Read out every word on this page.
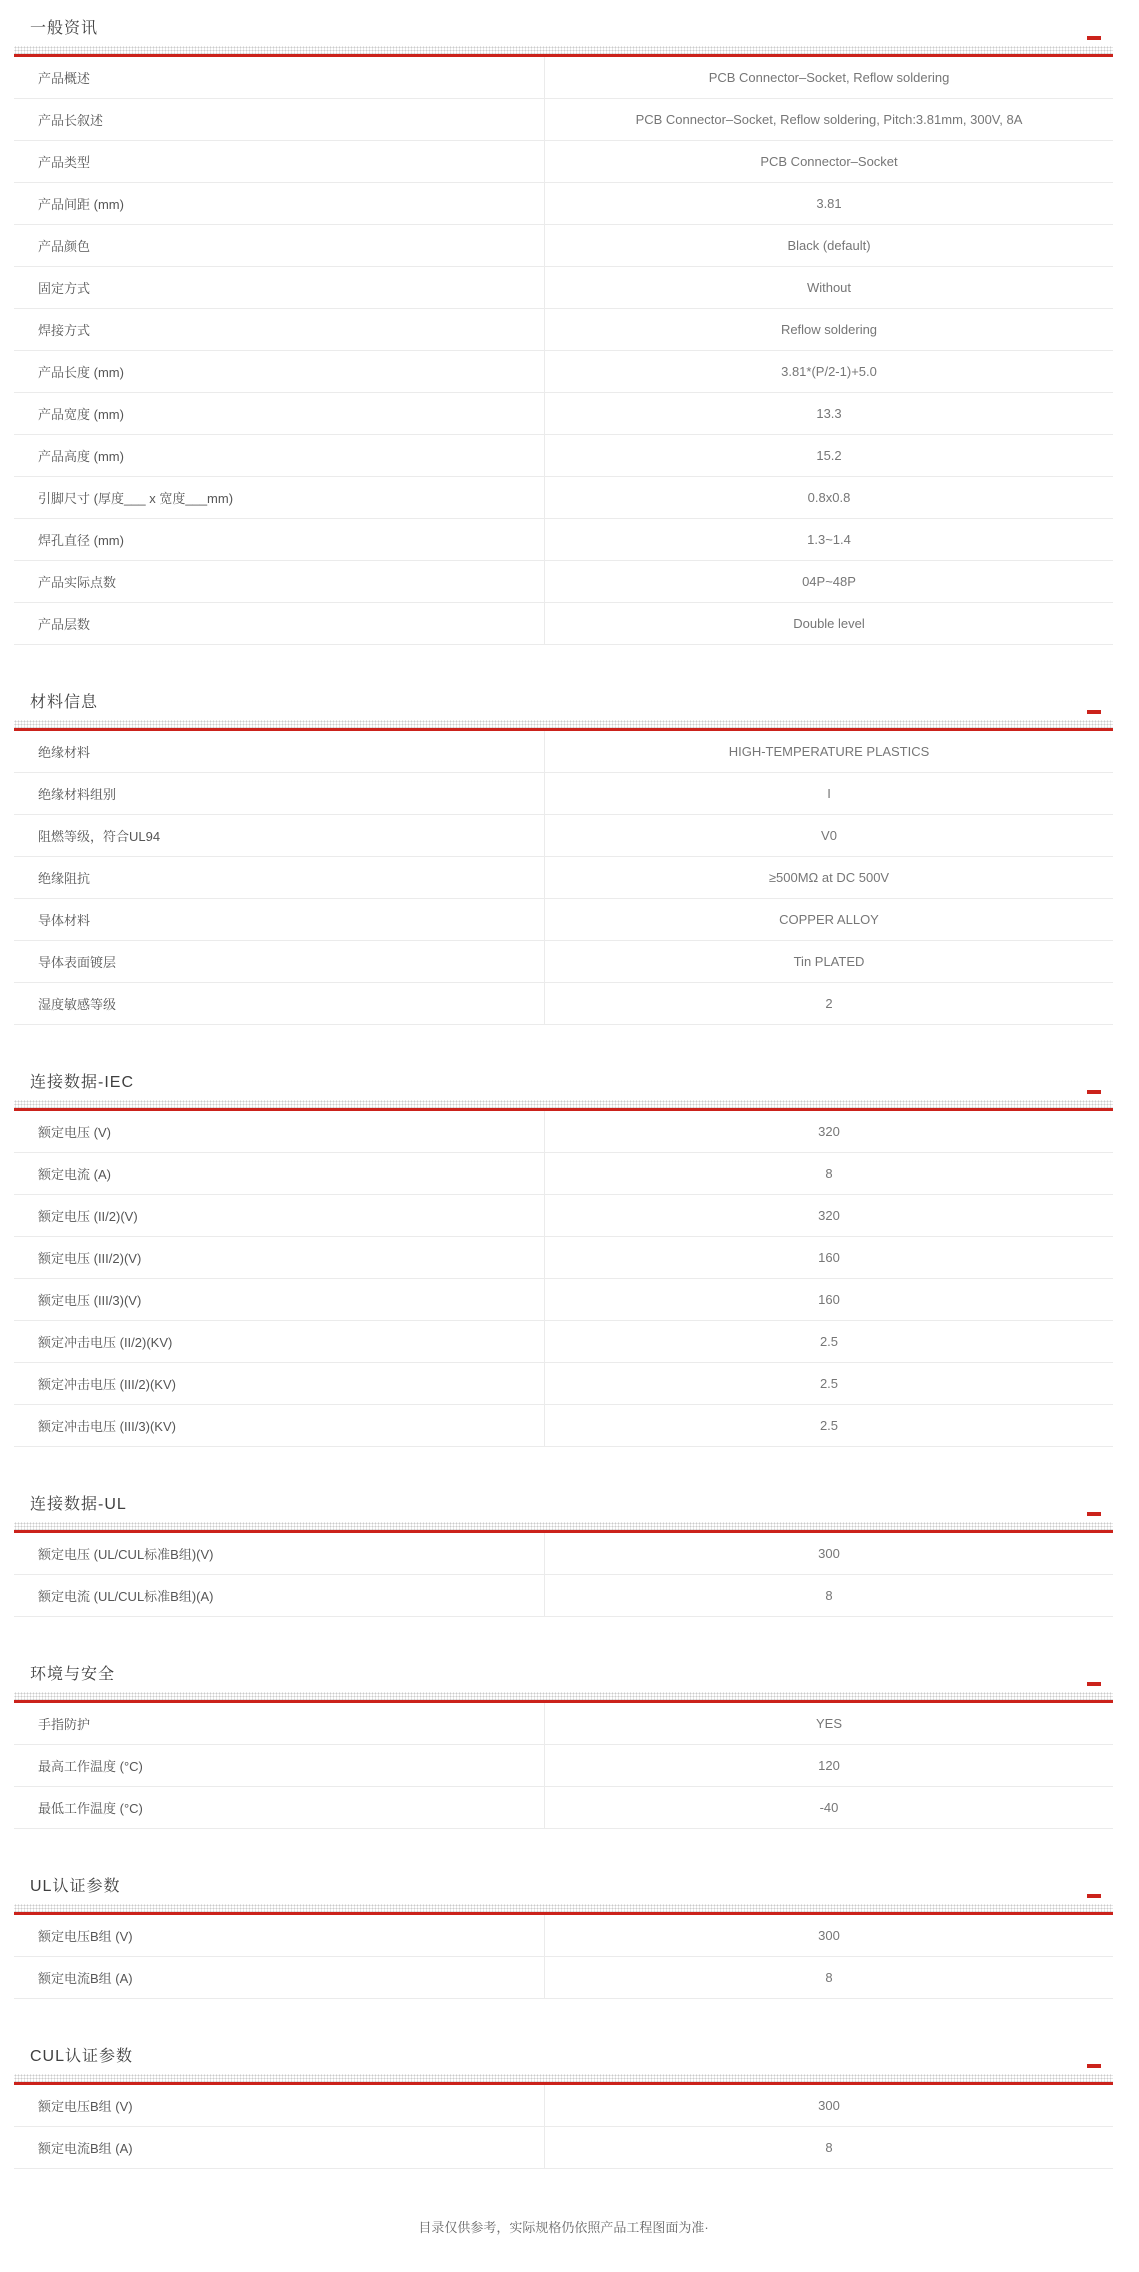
一般资讯
产品概述	PCB Connector–Socket, Reflow soldering
产品长叙述	PCB Connector–Socket, Reflow soldering, Pitch:3.81mm, 300V, 8A
产品类型	PCB Connector–Socket
产品间距 (mm)	3.81
产品颜色	Black (default)
固定方式	Without
焊接方式	Reflow soldering
产品长度 (mm)	3.81*(P/2-1)+5.0
产品宽度 (mm)	13.3
产品高度 (mm)	15.2
引脚尺寸 (厚度___ x 宽度___mm)	0.8x0.8
焊孔直径 (mm)	1.3~1.4
产品实际点数	04P~48P
产品层数	Double level
材料信息
绝缘材料	HIGH-TEMPERATURE PLASTICS
绝缘材料组别	I
阻燃等级，符合UL94	V0
绝缘阻抗	≥500MΩ at DC 500V
导体材料	COPPER ALLOY
导体表面镀层	Tin PLATED
湿度敏感等级	2
连接数据-IEC
额定电压 (V)	320
额定电流 (A)	8
额定电压 (II/2)(V)	320
额定电压 (III/2)(V)	160
额定电压 (III/3)(V)	160
额定冲击电压 (II/2)(KV)	2.5
额定冲击电压 (III/2)(KV)	2.5
额定冲击电压 (III/3)(KV)	2.5
连接数据-UL
额定电压 (UL/CUL标准B组)(V)	300
额定电流 (UL/CUL标准B组)(A)	8
环境与安全
手指防护	YES
最高工作温度 (°C)	120
最低工作温度 (°C)	-40
UL认证参数
额定电压B组 (V)	300
额定电流B组 (A)	8
CUL认证参数
额定电压B组 (V)	300
额定电流B组 (A)	8

目录仅供参考，实际规格仍依照产品工程图面为准·
